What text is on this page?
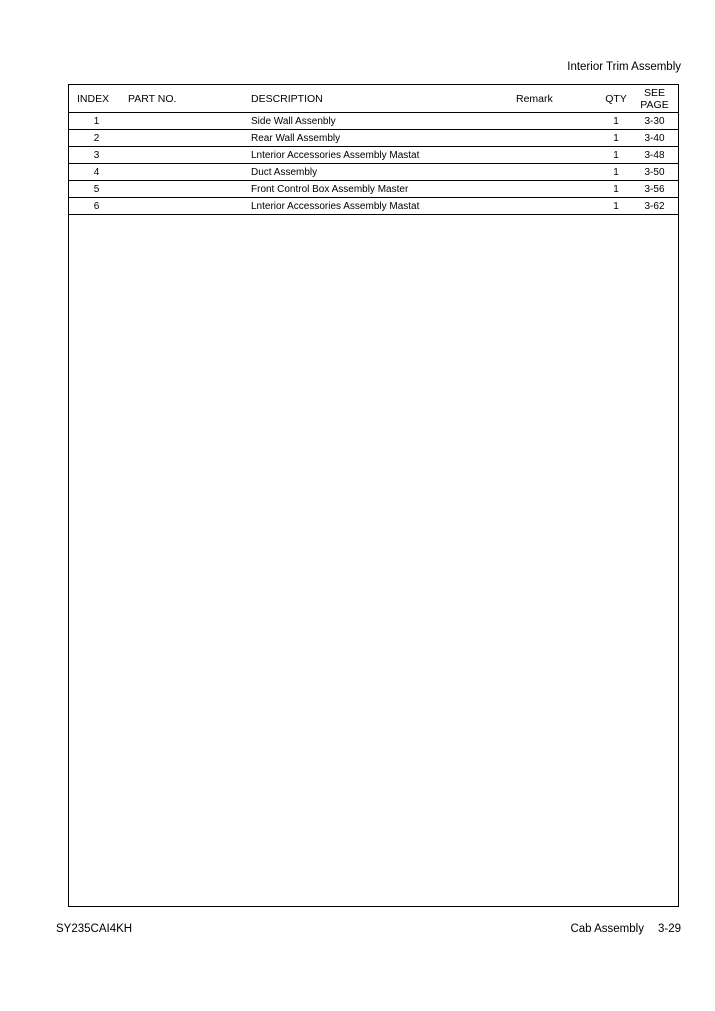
Interior Trim Assembly
INDEX	PART NO.	DESCRIPTION	Remark	QTY	SEE
PAGE

1		Side Wall Assenbly		1	3-30
2		Rear Wall Assembly		1	3-40
3		Lnterior Accessories Assembly Mastat		1	3-48
4		Duct Assembly		1	3-50
5		Front Control Box Assembly Master		1	3-56
6		Lnterior Accessories Assembly Mastat		1	3-62
SY235CAI4KH	Cab Assembly 3-29
